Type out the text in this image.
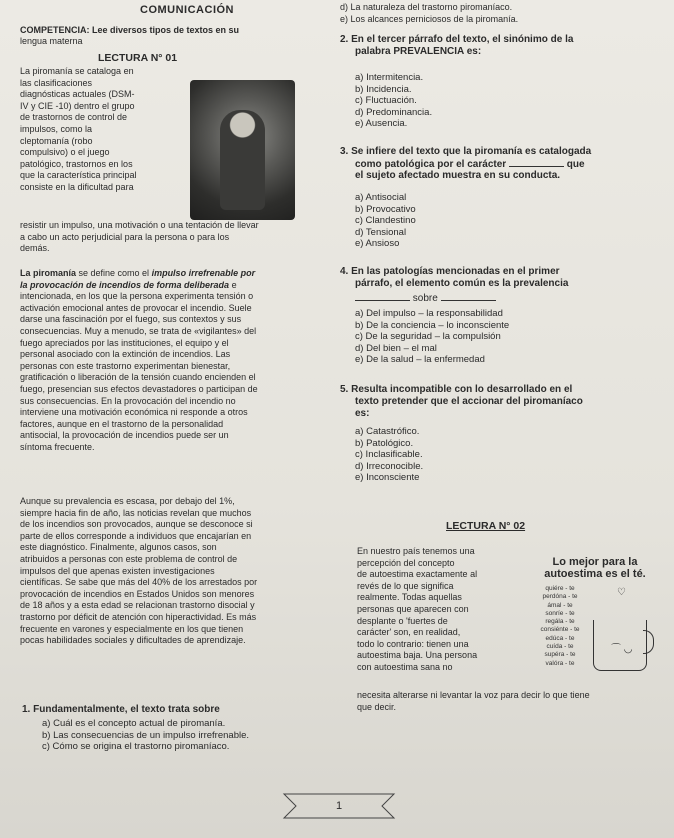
COMUNICACIÓN
COMPETENCIA: Lee diversos tipos de textos en su
lengua materna
d) La naturaleza del trastorno piromaníaco.
e) Los alcances perniciosos de la piromanía.
LECTURA N° 01
La piromanía se cataloga en
las clasificaciones
diagnósticas actuales (DSM-
IV y CIE -10) dentro el grupo
de trastornos de control de
impulsos, como la
cleptomanía (robo
compulsivo) o el juego
patológico, trastornos en los
que la característica principal
consiste en la dificultad para
resistir un impulso, una motivación o una tentación de llevar
a cabo un acto perjudicial para la persona o para los
demás.
La piromanía se define como el impulso irrefrenable por
la provocación de incendios de forma deliberada e
intencionada, en los que la persona experimenta tensión o
activación emocional antes de provocar el incendio. Suele
darse una fascinación por el fuego, sus contextos y sus
consecuencias. Muy a menudo, se trata de «vigilantes» del
fuego apreciados por las instituciones, el equipo y el
personal asociado con la extinción de incendios. Las
personas con este trastorno experimentan bienestar,
gratificación o liberación de la tensión cuando encienden el
fuego, presencian sus efectos devastadores o participan de
sus consecuencias. En la provocación del incendio no
interviene una motivación económica ni responde a otros
factores, aunque en el trastorno de la personalidad
antisocial, la provocación de incendios puede ser un
síntoma frecuente.
Aunque su prevalencia es escasa, por debajo del 1%,
siempre hacia fin de año, las noticias revelan que muchos
de los incendios son provocados, aunque se desconoce si
parte de ellos corresponde a individuos que encajarían en
este diagnóstico. Finalmente, algunos casos, son
atribuidos a personas con este problema de control de
impulsos del que apenas existen investigaciones
científicas. Se sabe que más del 40% de los arrestados por
provocación de incendios en Estados Unidos son menores
de 18 años y a esta edad se relacionan trastorno disocial y
trastorno por déficit de atención con hiperactividad. Es más
frecuente en varones y especialmente en los que tienen
pocas habilidades sociales y dificultades de aprendizaje.
1. Fundamentalmente, el texto trata sobre
a) Cuál es el concepto actual de piromanía.
b) Las consecuencias de un impulso irrefrenable.
c) Cómo se origina el trastorno piromaníaco.
2. En el tercer párrafo del texto, el sinónimo de la
palabra PREVALENCIA es:
a) Intermitencia.
b) Incidencia.
c) Fluctuación.
d) Predominancia.
e) Ausencia.
3. Se infiere del texto que la piromanía es catalogada
como patológica por el carácter	que
el sujeto afectado muestra en su conducta.
a) Antisocial
b) Provocativo
c) Clandestino
d) Tensional
e) Ansioso
4. En las patologías mencionadas en el primer
párrafo, el elemento común es la prevalencia
sobre
a) Del impulso – la responsabilidad
b) De la conciencia – lo inconsciente
c) De la seguridad – la compulsión
d) Del bien – el mal
e) De la salud – la enfermedad
5. Resulta incompatible con lo desarrollado en el
texto pretender que el accionar del piromaníaco
es:
a) Catastrófico.
b) Patológico.
c) Inclasificable.
d) Irreconocible.
e) Inconsciente
LECTURA N° 02
En nuestro país tenemos una
percepción del concepto
de autoestima exactamente al
revés de lo que significa
realmente. Todas aquellas
personas que aparecen con
desplante o 'fuertes de
carácter' son, en realidad,
todo lo contrario: tienen una
autoestima baja. Una persona
con autoestima sana no
necesita alterarse ni levantar la voz para decir lo que tiene
que decir.
Lo mejor para la autoestima es el té.
quiére - te
perdóna - te
ámal - te
sonríe - te
regála - te
consiénte - te
edúca - te
cuída - te
supéra - te
valóra - te
⌒ ◡
♡
1
